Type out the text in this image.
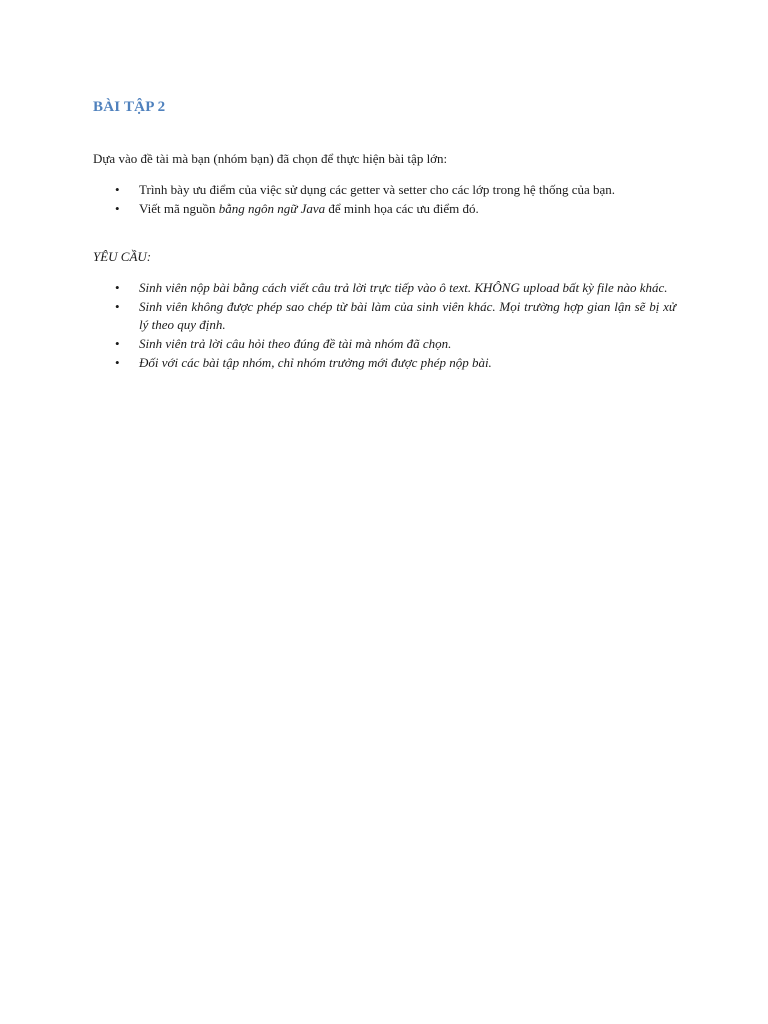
BÀI TẬP 2
Dựa vào đề tài mà bạn (nhóm bạn) đã chọn để thực hiện bài tập lớn:
• Trình bày ưu điểm của việc sử dụng các getter và setter cho các lớp trong hệ thống của bạn.
• Viết mã nguồn bằng ngôn ngữ Java để minh họa các ưu điểm đó.
YÊU CẦU:
• Sinh viên nộp bài bằng cách viết câu trả lời trực tiếp vào ô text. KHÔNG upload bất kỳ file nào khác.
• Sinh viên không được phép sao chép từ bài làm của sinh viên khác. Mọi trường hợp gian lận sẽ bị xử lý theo quy định.
• Sinh viên trả lời câu hỏi theo đúng đề tài mà nhóm đã chọn.
• Đối với các bài tập nhóm, chỉ nhóm trưởng mới được phép nộp bài.
